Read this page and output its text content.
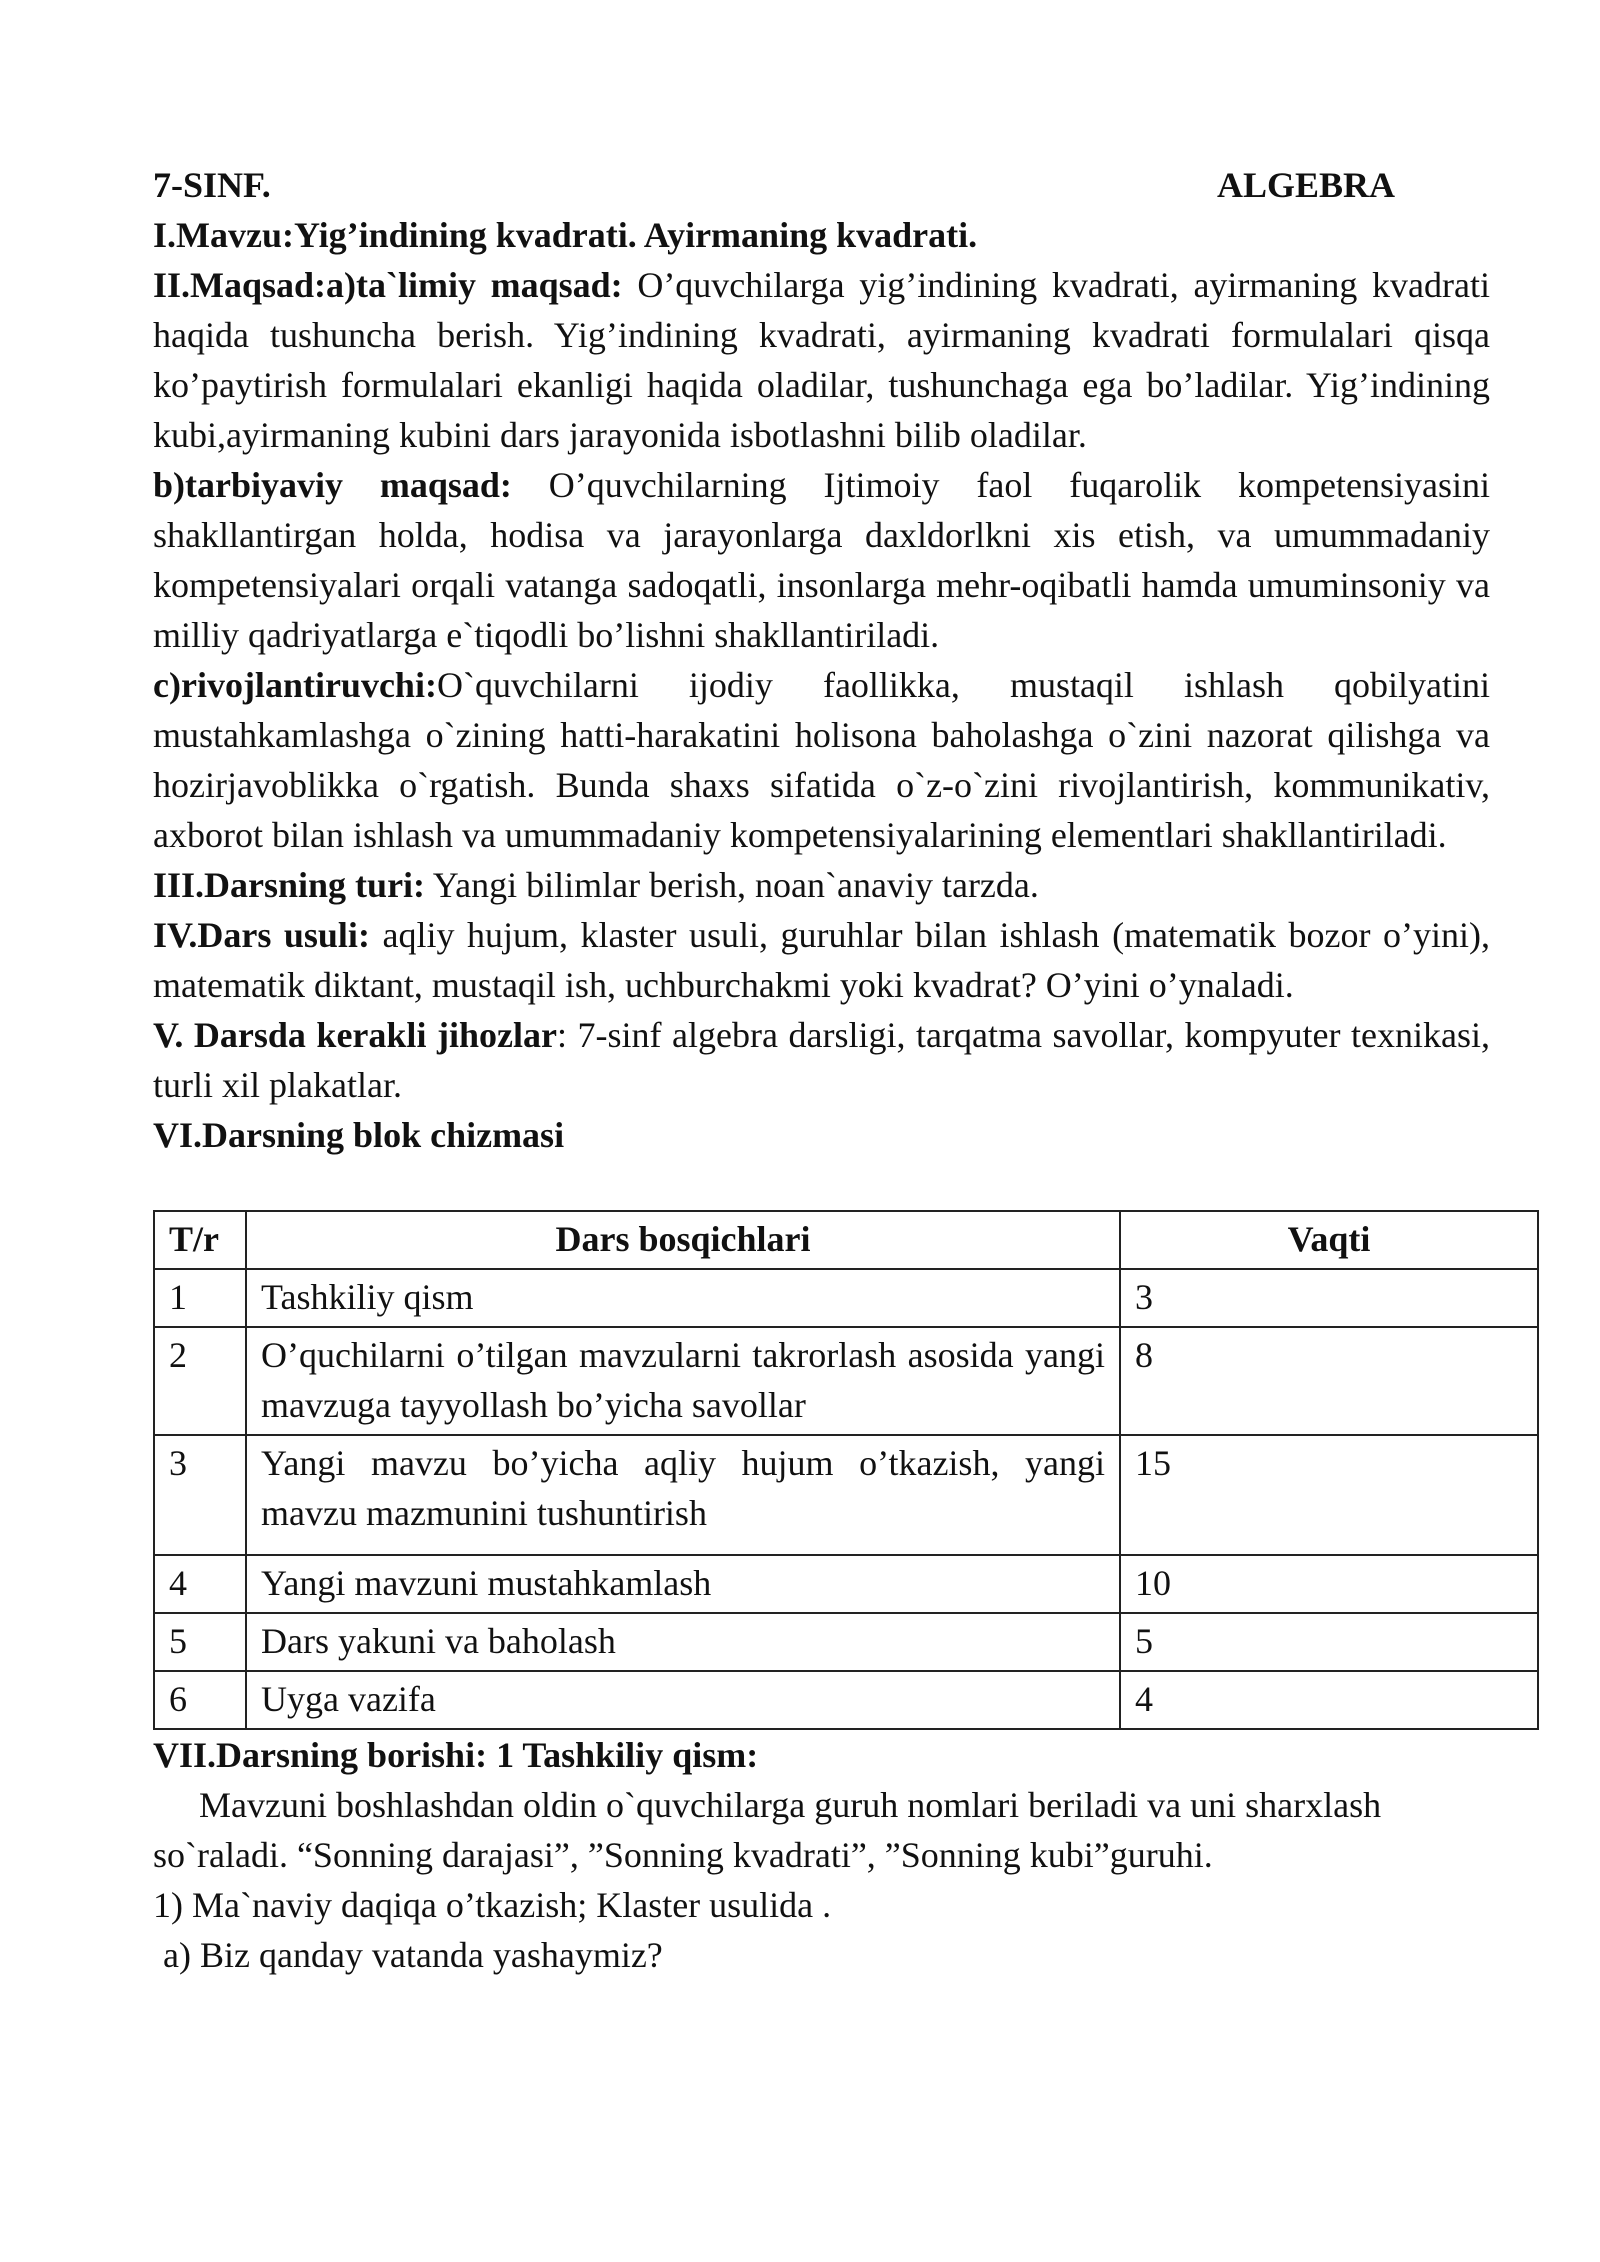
7-SINF.	ALGEBRA

I.Mavzu:Yig’indining kvadrati. Ayirmaning kvadrati.

II.Maqsad:a)ta`limiy maqsad: O’quvchilarga yig’indining kvadrati, ayirmaning kvadrati haqida tushuncha berish. Yig’indining kvadrati, ayirmaning kvadrati formulalari qisqa ko’paytirish formulalari ekanligi haqida oladilar, tushunchaga ega bo’ladilar. Yig’indining kubi,ayirmaning kubini dars jarayonida isbotlashni bilib oladilar.

b)tarbiyaviy maqsad: O’quvchilarning Ijtimoiy faol fuqarolik kompetensiyasini shakllantirgan holda, hodisa va jarayonlarga daxldorlkni xis etish, va umummadaniy kompetensiyalari orqali vatanga sadoqatli, insonlarga mehr-oqibatli hamda umuminsoniy va milliy qadriyatlarga e`tiqodli bo’lishni shakllantiriladi.

c)rivojlantiruvchi:O`quvchilarni ijodiy faollikka, mustaqil ishlash qobilyatini mustahkamlashga o`zining hatti-harakatini holisona baholashga o`zini nazorat qilishga va hozirjavoblikka o`rgatish. Bunda shaxs sifatida o`z-o`zini rivojlantirish, kommunikativ, axborot bilan ishlash va umummadaniy kompetensiyalarining elementlari shakllantiriladi.

III.Darsning turi: Yangi bilimlar berish, noan`anaviy tarzda.

IV.Dars usuli: aqliy hujum, klaster usuli, guruhlar bilan ishlash (matematik bozor o’yini), matematik diktant, mustaqil ish, uchburchakmi yoki kvadrat? O’yini o’ynaladi.

V. Darsda kerakli jihozlar: 7-sinf algebra darsligi, tarqatma savollar, kompyuter texnikasi, turli xil plakatlar.

VI.Darsning blok chizmasi

T/r	Dars bosqichlari	Vaqti
1	Tashkiliy qism	3
2	O’quchilarni o’tilgan mavzularni takrorlash asosida yangi mavzuga tayyollash bo’yicha savollar	8
3	Yangi mavzu bo’yicha aqliy hujum o’tkazish, yangi mavzu mazmunini tushuntirish	15
4	Yangi mavzuni mustahkamlash	10
5	Dars yakuni va baholash	5
6	Uyga vazifa	4

VII.Darsning borishi: 1 Tashkiliy qism:

Mavzuni boshlashdan oldin o`quvchilarga guruh nomlari beriladi va uni sharxlash so`raladi. “Sonning darajasi”, ”Sonning kvadrati”, ”Sonning kubi”guruhi.

1) Ma`naviy daqiqa o’tkazish; Klaster usulida .

a) Biz qanday vatanda yashaymiz?
